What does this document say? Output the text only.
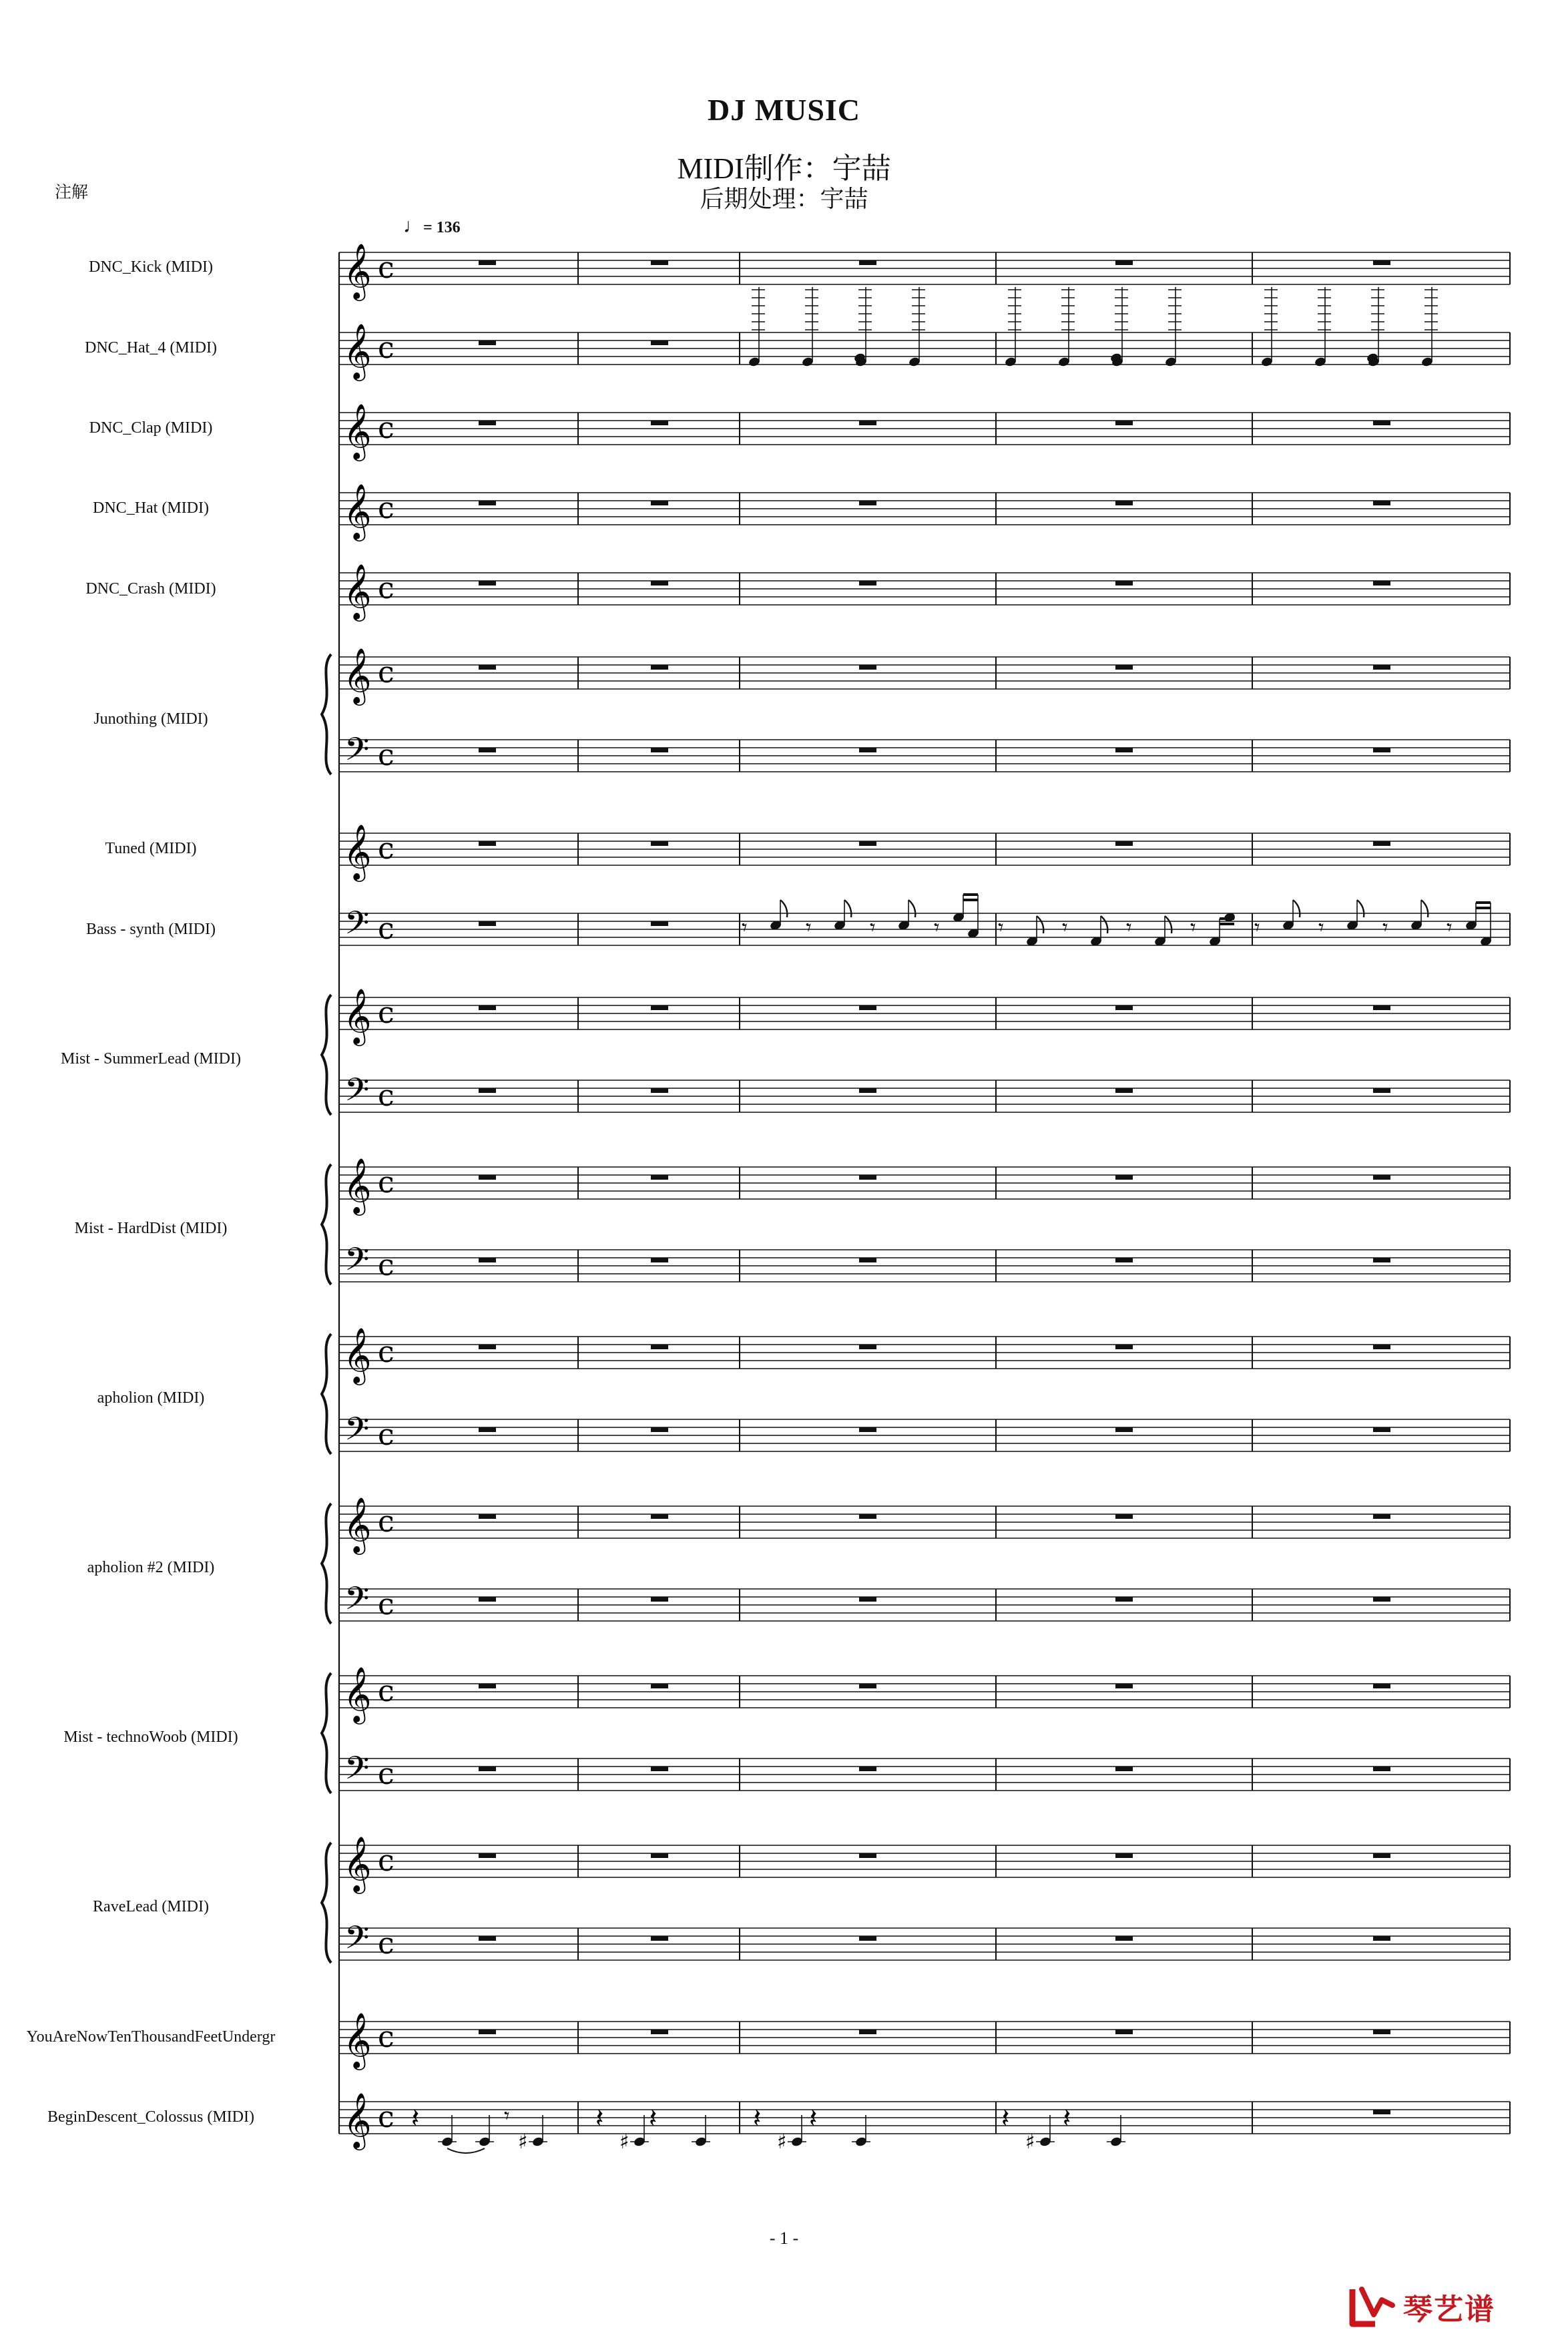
DJ MUSIC
MIDI制作：宇喆
后期处理：宇喆
注解
♩= 136
DNC_Kick (MIDI)
DNC_Hat_4 (MIDI)
DNC_Clap (MIDI)
DNC_Hat (MIDI)
DNC_Crash (MIDI)
Junothing (MIDI)
Tuned (MIDI)
Bass - synth (MIDI)
Mist - SummerLead (MIDI)
Mist - HardDist (MIDI)
apholion (MIDI)
apholion #2 (MIDI)
Mist - technoWoob (MIDI)
RaveLead (MIDI)
YouAreNowTenThousandFeetUndergr
BeginDescent_Colossus (MIDI)
𝄞 c
𝄞 c
𝄞 c
𝄞 c
𝄞 c
𝄞 c
𝄢 c
𝄞 c
𝄢 c
𝄞 c
𝄢 c
𝄞 c
𝄢 c
𝄞 c
𝄢 c
𝄞 c
𝄢 c
𝄞 c
𝄢 c
𝄞 c
𝄢 c
𝄞 c
𝄞 c
𝄾	𝄾	𝄾	𝄾	𝄾	𝄾	𝄾	𝄾	𝄾	𝄾	𝄾	𝄾
𝄽	𝄾
♯
𝄽
♯
𝄽	𝄽
♯
𝄽	𝄽
♯
𝄽
- 1 -
琴艺谱
